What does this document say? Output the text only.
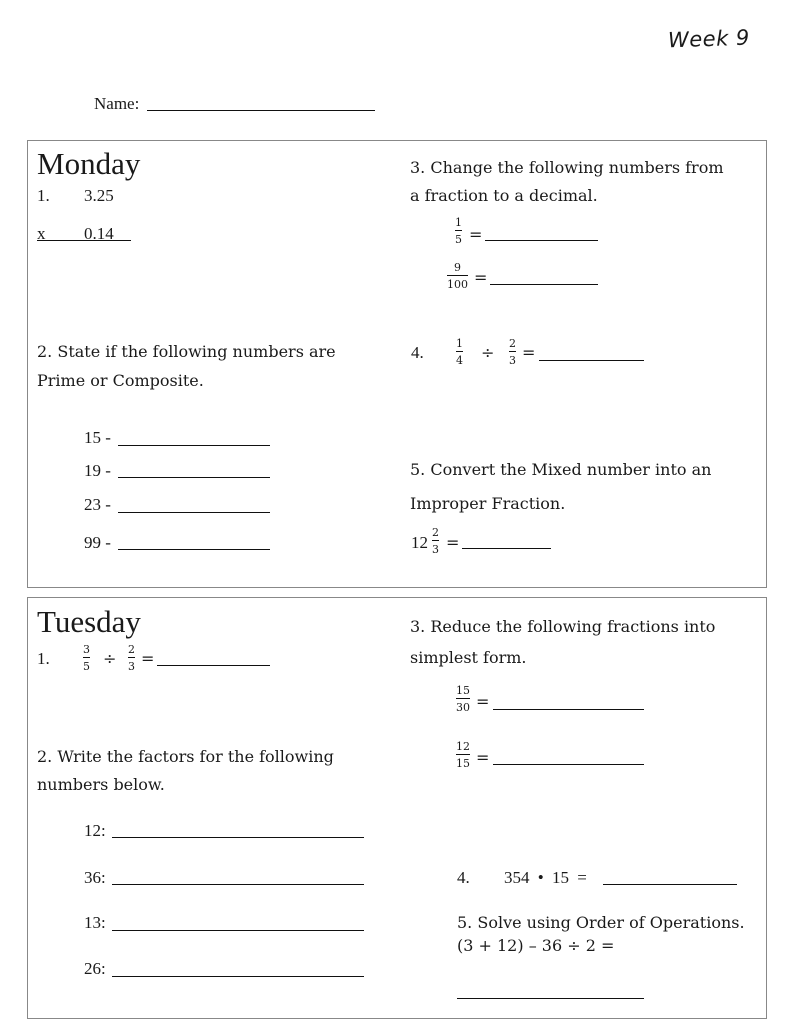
Week 9
Name:
Monday
1. 3.25
x 0.14
2. State if the following numbers are
Prime or Composite.
15 -
19 -
23 -
99 -
3. Change the following numbers from
a fraction to a decimal.
1
5 =
9
100 =
4.	1
4 ÷ 2
3 =
5. Convert the Mixed number into an
Improper Fraction.
12
2
3 =
Tuesday
1.	3
5 ÷ 2
3 =
2. Write the factors for the following
numbers below.
12:
36:
13:
26:
3. Reduce the following fractions into
simplest form.
15
30 =
12
15 =
4. 354 • 15 =
5. Solve using Order of Operations.
(3 + 12) – 36 ÷ 2 =
